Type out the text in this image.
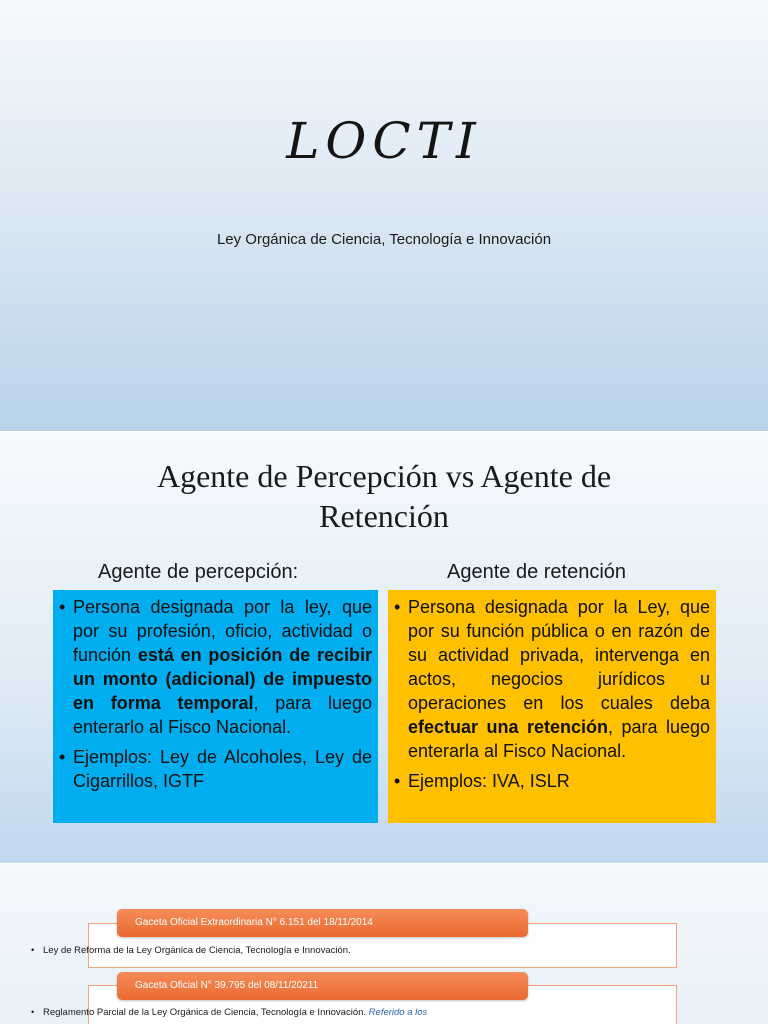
LOCTI
Ley Orgánica de Ciencia, Tecnología e Innovación
Agente de Percepción vs Agente de
Retención
Agente de percepción:	Agente de retención
• Persona designada por la ley, que por su profesión, oficio, actividad o función está en posición de recibir un monto (adicional) de impuesto en forma temporal, para luego enterarlo al Fisco Nacional.
• Ejemplos: Ley de Alcoholes, Ley de Cigarrillos, IGTF
• Persona designada por la Ley, que por su función pública o en razón de su actividad privada, intervenga en actos, negocios jurídicos u operaciones en los cuales deba efectuar una retención, para luego enterarla al Fisco Nacional.
• Ejemplos: IVA, ISLR
Gaceta Oficial Extraordinaria N° 6.151 del 18/11/2014
• Ley de Reforma de la Ley Orgánica de Ciencia, Tecnología e Innovación.
Gaceta Oficial N° 39.795 del 08/11/20211
• Reglamento Parcial de la Ley Orgánica de Ciencia, Tecnología e Innovación. Referido a los
